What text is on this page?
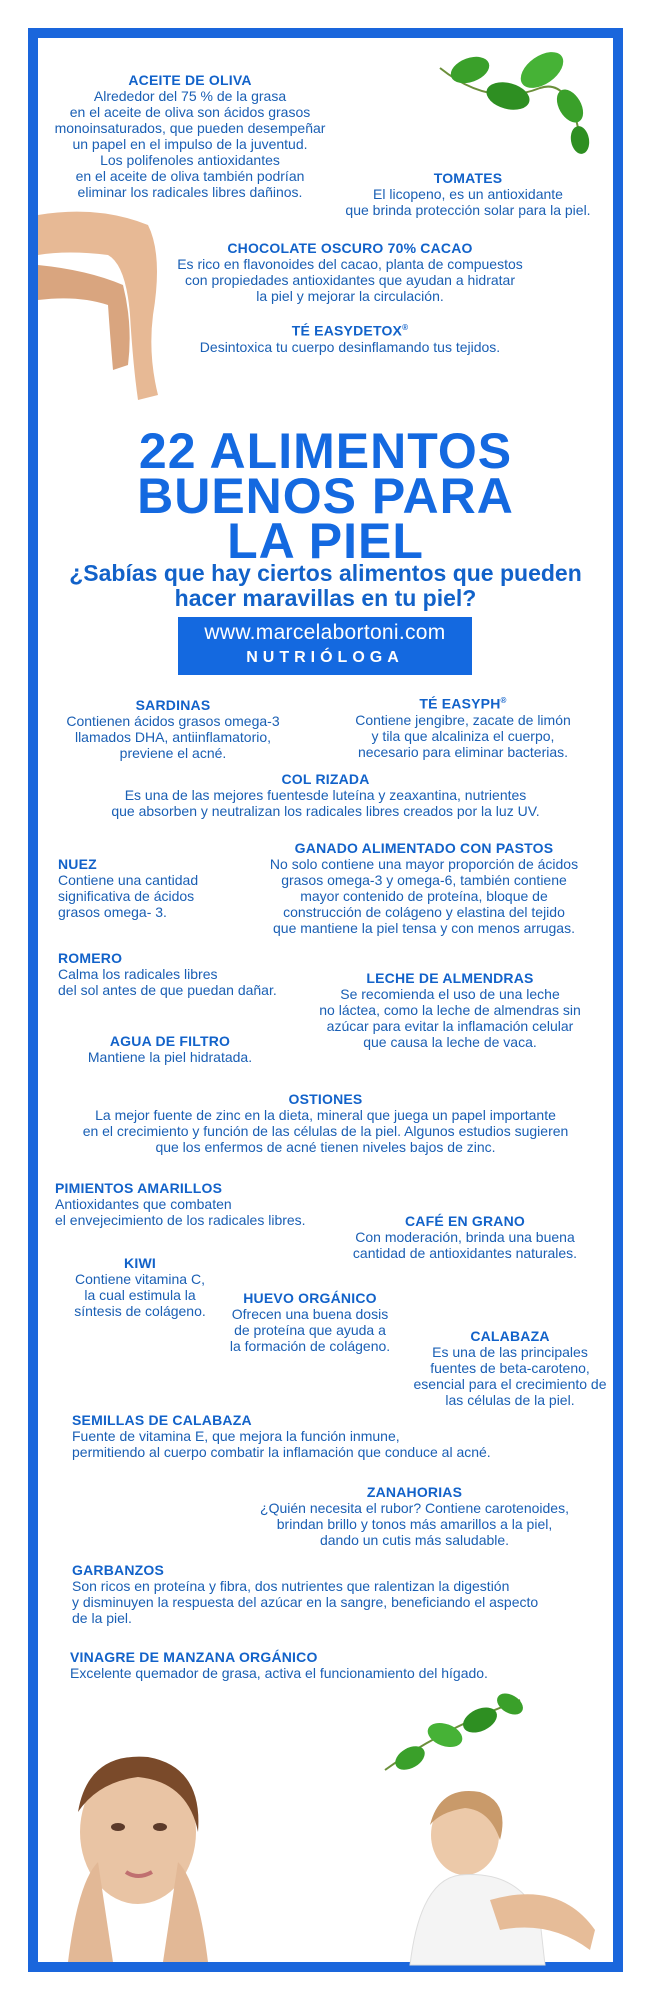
ACEITE DE OLIVA
Alrededor del 75 % de la grasa
en el aceite de oliva son ácidos grasos
monoinsaturados, que pueden desempeñar
un papel en el impulso de la juventud.
Los polifenoles antioxidantes
en el aceite de oliva también podrían
eliminar los radicales libres dañinos.
TOMATES
El licopeno, es un antioxidante
que brinda protección solar para la piel.
CHOCOLATE OSCURO 70% CACAO
Es rico en flavonoides del cacao, planta de compuestos
con propiedades antioxidantes que ayudan a hidratar
la piel y mejorar la circulación.
TÉ EASYDETOX®
Desintoxica tu cuerpo desinflamando tus tejidos.
22 ALIMENTOS
BUENOS PARA
LA PIEL
¿Sabías que hay ciertos alimentos que pueden
hacer maravillas en tu piel?
www.marcelabortoni.com
NUTRIÓLOGA
SARDINAS
Contienen ácidos grasos omega-3
llamados DHA, antiinflamatorio,
previene el acné.
TÉ EASYPH®
Contiene jengibre, zacate de limón
y tila que alcaliniza el cuerpo,
necesario para eliminar bacterias.
COL RIZADA
Es una de las mejores fuentesde luteína y zeaxantina, nutrientes
que absorben y neutralizan los radicales libres creados por la luz UV.
NUEZ
Contiene una cantidad
significativa de ácidos
grasos omega- 3.
GANADO ALIMENTADO CON PASTOS
No solo contiene una mayor proporción de ácidos
grasos omega-3 y omega-6, también contiene
mayor contenido de proteína, bloque de
construcción de colágeno y elastina del tejido
que mantiene la piel tensa y con menos arrugas.
ROMERO
Calma los radicales libres
del sol antes de que puedan dañar.
LECHE DE ALMENDRAS
Se recomienda el uso de una leche
no láctea, como la leche de almendras sin
azúcar para evitar la inflamación celular
que causa la leche de vaca.
AGUA DE FILTRO
Mantiene la piel hidratada.
OSTIONES
La mejor fuente de zinc en la dieta, mineral que juega un papel importante
en el crecimiento y función de las células de la piel. Algunos estudios sugieren
que los enfermos de acné tienen niveles bajos de zinc.
PIMIENTOS AMARILLOS
Antioxidantes que combaten
el envejecimiento de los radicales libres.	CAFÉ EN GRANO
Con moderación, brinda una buena
cantidad de antioxidantes naturales.
KIWI
Contiene vitamina C,
la cual estimula la
síntesis de colágeno.
HUEVO ORGÁNICO
Ofrecen una buena dosis
de proteína que ayuda a
la formación de colágeno.
CALABAZA
Es una de las principales
fuentes de beta-caroteno,
esencial para el crecimiento de
las células de la piel.
SEMILLAS DE CALABAZA
Fuente de vitamina E, que mejora la función inmune,
permitiendo al cuerpo combatir la inflamación que conduce al acné.
ZANAHORIAS
¿Quién necesita el rubor? Contiene carotenoides,
brindan brillo y tonos más amarillos a la piel,
dando un cutis más saludable.
GARBANZOS
Son ricos en proteína y fibra, dos nutrientes que ralentizan la digestión
y disminuyen la respuesta del azúcar en la sangre, beneficiando el aspecto
de la piel.
VINAGRE DE MANZANA ORGÁNICO
Excelente quemador de grasa, activa el funcionamiento del hígado.
